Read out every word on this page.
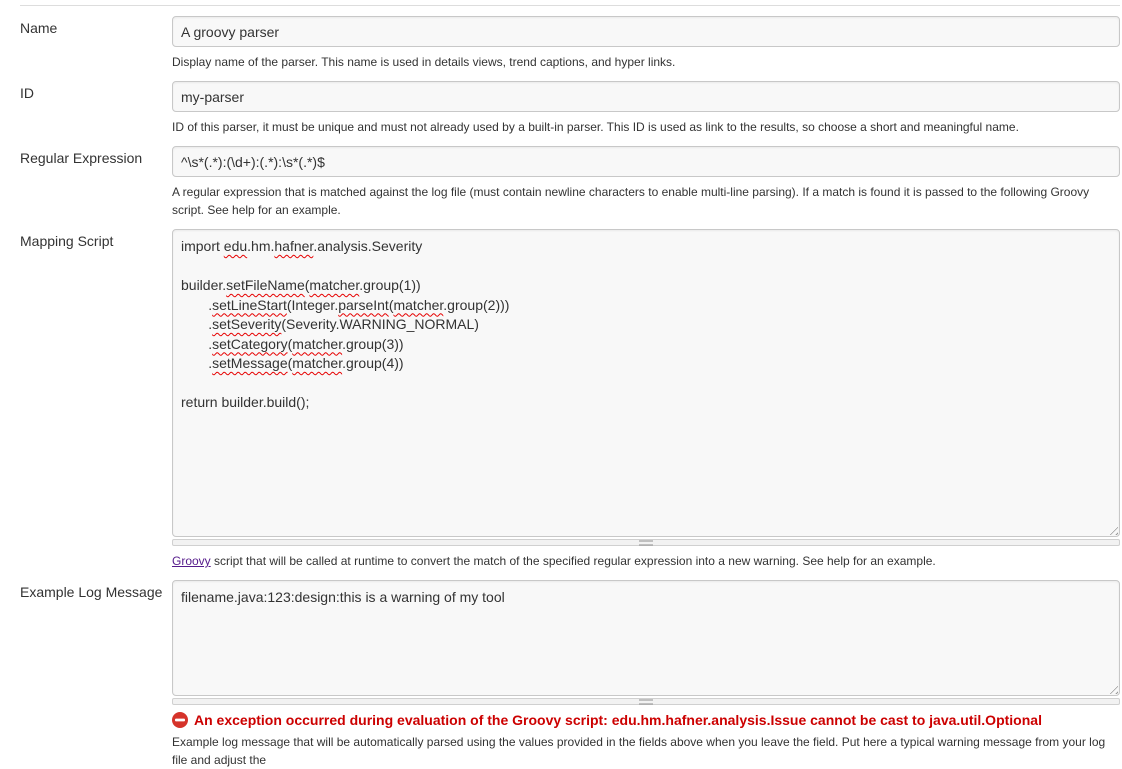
Name
A groovy parser
Display name of the parser. This name is used in details views, trend captions, and hyper links.
ID
my-parser
ID of this parser, it must be unique and must not already used by a built-in parser. This ID is used as link to the results, so choose a short and meaningful name.
Regular Expression
^\s*(.*):(\d+):(.*):\s*(.*)$
A regular expression that is matched against the log file (must contain newline characters to enable multi-line parsing). If a match is found it is passed to the following Groovy script. See help for an example.
Mapping Script	import edu.hm.hafner.analysis.Severity
builder.setFileName(matcher.group(1))
.setLineStart(Integer.parseInt(matcher.group(2)))
.setSeverity(Severity.WARNING_NORMAL)
.setCategory(matcher.group(3))
.setMessage(matcher.group(4))
return builder.build();
Groovy script that will be called at runtime to convert the match of the specified regular expression into a new warning. See help for an example.
Example Log Message	filename.java:123:design:this is a warning of my tool
An exception occurred during evaluation of the Groovy script: edu.hm.hafner.analysis.Issue cannot be cast to java.util.Optional
Example log message that will be automatically parsed using the values provided in the fields above when you leave the field. Put here a typical warning message from your log file and adjust the
